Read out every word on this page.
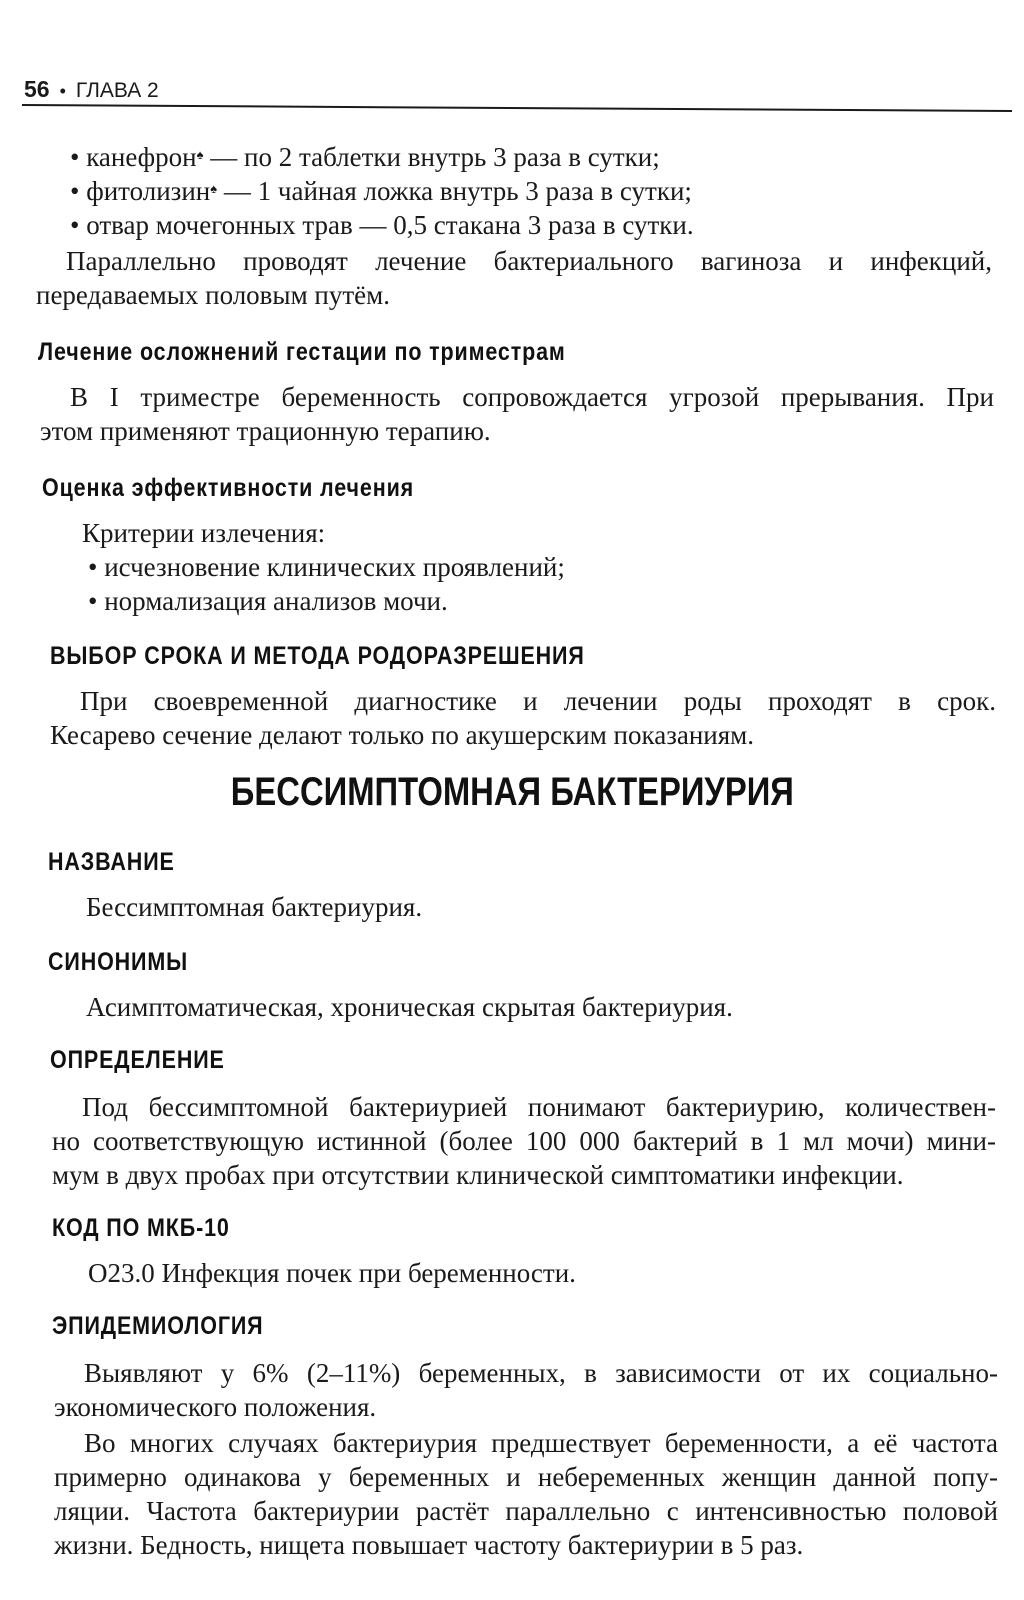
56 • ГЛАВА 2
• канефрон♠ — по 2 таблетки внутрь 3 раза в сутки;
• фитолизин♠ — 1 чайная ложка внутрь 3 раза в сутки;
• отвар мочегонных трав — 0,5 стакана 3 раза в сутки.

Параллельно проводят лечение бактериального вагиноза и инфекций,

передаваемых половым путём.

Лечение осложнений гестации по триместрам

В I триместре беременность сопровождается угрозой прерывания. При

этом применяют трационную терапию.

Оценка эффективности лечения
Критерии излечения:
• исчезновение клинических проявлений;
• нормализация анализов мочи.
ВЫБОР СРОКА И МЕТОДА РОДОРАЗРЕШЕНИЯ

При своевременной диагностике и лечении роды проходят в срок.

Кесарево сечение делают только по акушерским показаниям.

БЕССИМПТОМНАЯ БАКТЕРИУРИЯ
НАЗВАНИЕ
Бессимптомная бактериурия.
СИНОНИМЫ
Асимптоматическая, хроническая скрытая бактериурия.
ОПРЕДЕЛЕНИЕ

Под бессимптомной бактериурией понимают бактериурию, количествен-

но соответствующую истинной (более 100 000 бактерий в 1 мл мочи) мини-

мум в двух пробах при отсутствии клинической симптоматики инфекции.

КОД ПО МКБ-10
O23.0 Инфекция почек при беременности.
ЭПИДЕМИОЛОГИЯ

Выявляют у 6% (2–11%) беременных, в зависимости от их социально-

экономического положения.

Во многих случаях бактериурия предшествует беременности, а её частота

примерно одинакова у беременных и небеременных женщин данной попу-

ляции. Частота бактериурии растёт параллельно с интенсивностью половой

жизни. Бедность, нищета повышает частоту бактериурии в 5 раз.
